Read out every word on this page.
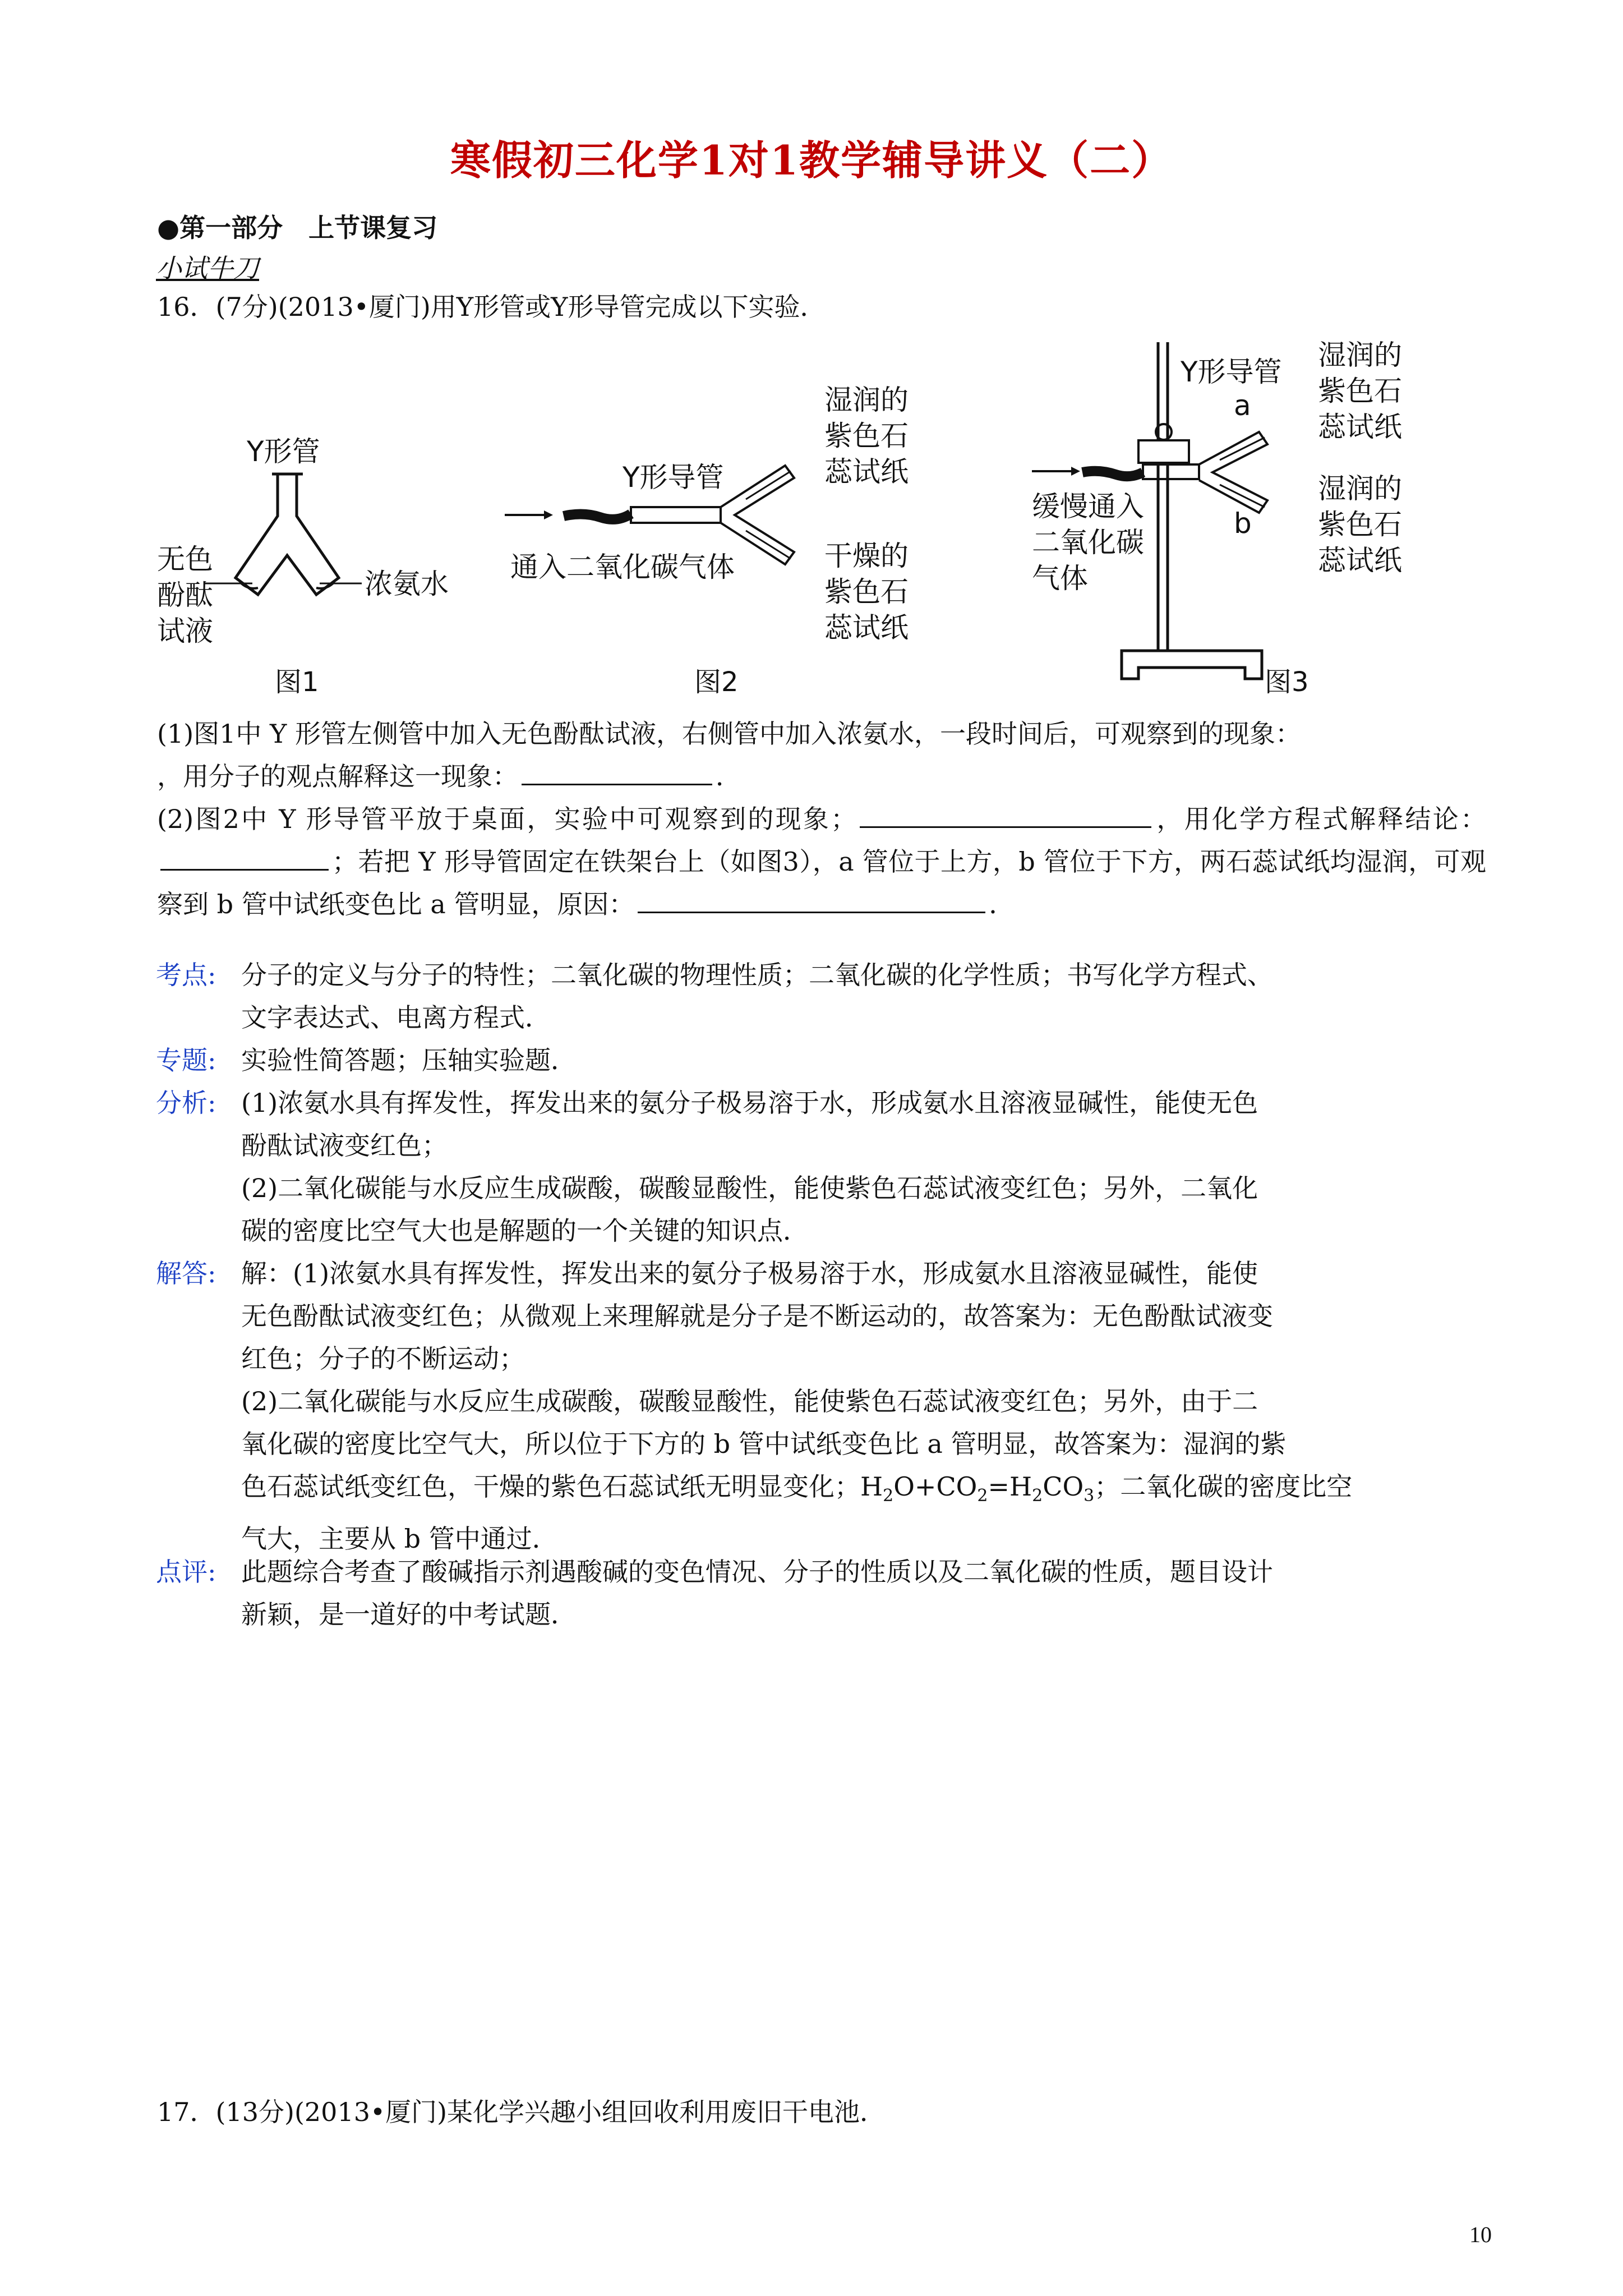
寒假初三化学1对1教学辅导讲义（二）
●第一部分　上节课复习
小试牛刀
16．(7分)(2013•厦门)用Y形管或Y形导管完成以下实验．
Y形管
无色
酚酞
试液
浓氨水
图1
Y形导管
通入二氧化碳气体
湿润的
紫色石
蕊试纸
干燥的
紫色石
蕊试纸
图2
Y形导管
a
b
缓慢通入
二氧化碳
气体
湿润的
紫色石
蕊试纸
湿润的
紫色石
蕊试纸
图3
(1)图1中 Y 形管左侧管中加入无色酚酞试液，右侧管中加入浓氨水，一段时间后，可观察到的现象：
，用分子的观点解释这一现象：	．
(2)图2中 Y 形导管平放于桌面，实验中可观察到的现象；	，用化学方程式解释结论：；若把 Y 形导管固定在铁架台上（如图3），a 管位于上方，b 管位于下方，两石蕊试纸均湿润，可观察到 b 管中试纸变色比 a 管明显，原因：	．
考点: 分子的定义与分子的特性；二氧化碳的物理性质；二氧化碳的化学性质；书写化学方程式、
文字表达式、电离方程式．
专题: 实验性简答题；压轴实验题．
分析: (1)浓氨水具有挥发性，挥发出来的氨分子极易溶于水，形成氨水且溶液显碱性，能使无色
酚酞试液变红色；
(2)二氧化碳能与水反应生成碳酸，碳酸显酸性，能使紫色石蕊试液变红色；另外，二氧化
碳的密度比空气大也是解题的一个关键的知识点．
解答: 解：(1)浓氨水具有挥发性，挥发出来的氨分子极易溶于水，形成氨水且溶液显碱性，能使
无色酚酞试液变红色；从微观上来理解就是分子是不断运动的，故答案为：无色酚酞试液变
红色；分子的不断运动；
(2)二氧化碳能与水反应生成碳酸，碳酸显酸性，能使紫色石蕊试液变红色；另外，由于二
氧化碳的密度比空气大，所以位于下方的 b 管中试纸变色比 a 管明显，故答案为：湿润的紫
色石蕊试纸变红色，干燥的紫色石蕊试纸无明显变化；$H_2O+CO_2=H_2CO_3$；二氧化碳的密度比空
气大，主要从 b 管中通过．
点评: 此题综合考查了酸碱指示剂遇酸碱的变色情况、分子的性质以及二氧化碳的性质，题目设计
新颖，是一道好的中考试题．
17．(13分)(2013•厦门)某化学兴趣小组回收利用废旧干电池．
10
